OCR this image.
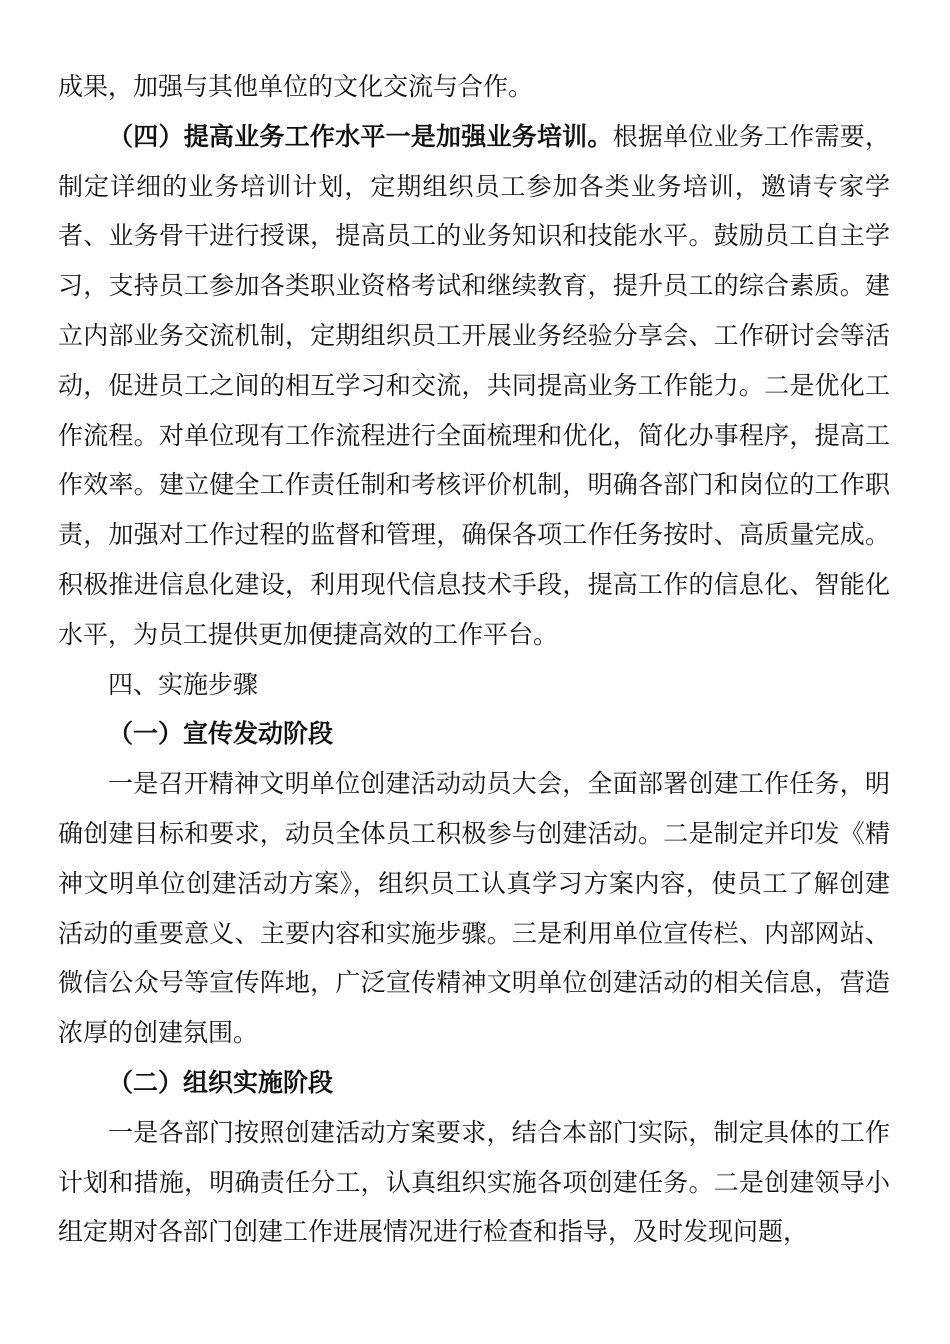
成果，加强与其他单位的文化交流与合作。

（四）提高业务工作水平一是加强业务培训。根据单位业务工作需要，制定详细的业务培训计划，定期组织员工参加各类业务培训，邀请专家学者、业务骨干进行授课，提高员工的业务知识和技能水平。鼓励员工自主学习，支持员工参加各类职业资格考试和继续教育，提升员工的综合素质。建立内部业务交流机制，定期组织员工开展业务经验分享会、工作研讨会等活动，促进员工之间的相互学习和交流，共同提高业务工作能力。二是优化工作流程。对单位现有工作流程进行全面梳理和优化，简化办事程序，提高工作效率。建立健全工作责任制和考核评价机制，明确各部门和岗位的工作职责，加强对工作过程的监督和管理，确保各项工作任务按时、高质量完成。积极推进信息化建设，利用现代信息技术手段，提高工作的信息化、智能化水平，为员工提供更加便捷高效的工作平台。

四、实施步骤

（一）宣传发动阶段

一是召开精神文明单位创建活动动员大会，全面部署创建工作任务，明确创建目标和要求，动员全体员工积极参与创建活动。二是制定并印发《精神文明单位创建活动方案》，组织员工认真学习方案内容，使员工了解创建活动的重要意义、主要内容和实施步骤。三是利用单位宣传栏、内部网站、微信公众号等宣传阵地，广泛宣传精神文明单位创建活动的相关信息，营造浓厚的创建氛围。

（二）组织实施阶段

一是各部门按照创建活动方案要求，结合本部门实际，制定具体的工作计划和措施，明确责任分工，认真组织实施各项创建任务。二是创建领导小组定期对各部门创建工作进展情况进行检查和指导，及时发现问题，
